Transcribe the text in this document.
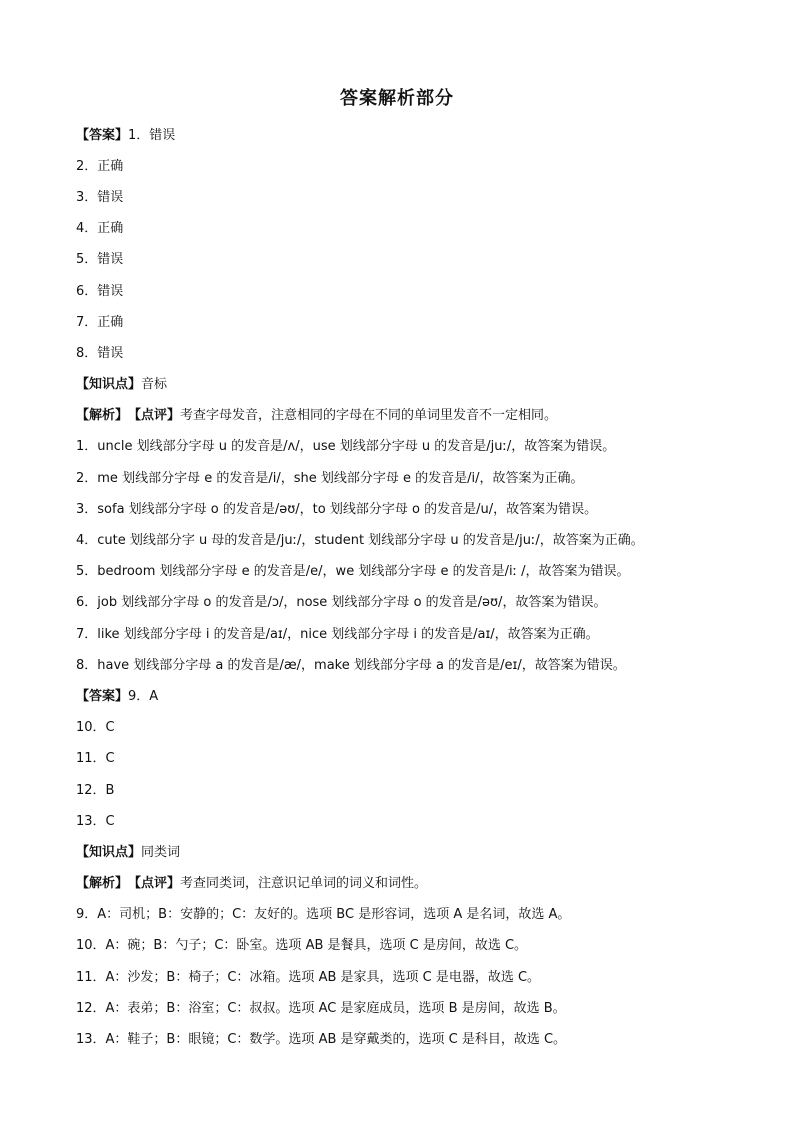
答案解析部分
【答案】 1．错误
2．正确
3．错误
4．正确
5．错误
6．错误
7．正确
8．错误
【知识点】 音标
【解析】 【点评】 考查字母发音，注意相同的字母在不同的单词里发音不一定相同。
1．uncle 划线部分字母 u 的发音是/ʌ/，use 划线部分字母 u 的发音是/juː/，故答案为错误。
2．me 划线部分字母 e 的发音是/i/，she 划线部分字母 e 的发音是/i/，故答案为正确。
3．sofa 划线部分字母 o 的发音是/əʊ/，to 划线部分字母 o 的发音是/u/，故答案为错误。
4．cute 划线部分字 u 母的发音是/juː/，student 划线部分字母 u 的发音是/juː/，故答案为正确。
5．bedroom 划线部分字母 e 的发音是/e/，we 划线部分字母 e 的发音是/iː /，故答案为错误。
6．job 划线部分字母 o 的发音是/ɔ/，nose 划线部分字母 o 的发音是/əʊ/，故答案为错误。
7．like 划线部分字母 i 的发音是/aɪ/，nice 划线部分字母 i 的发音是/aɪ/，故答案为正确。
8．have 划线部分字母 a 的发音是/æ/，make 划线部分字母 a 的发音是/eɪ/，故答案为错误。
【答案】 9．A
10．C
11．C
12．B
13．C
【知识点】 同类词
【解析】 【点评】 考查同类词，注意识记单词的词义和词性。
9．A：司机；B：安静的；C：友好的。选项 BC 是形容词，选项 A 是名词，故选 A。
10．A：碗；B：勺子；C：卧室。选项 AB 是餐具，选项 C 是房间，故选 C。
11．A：沙发；B：椅子；C：冰箱。选项 AB 是家具，选项 C 是电器，故选 C。
12．A：表弟；B：浴室；C：叔叔。选项 AC 是家庭成员，选项 B 是房间，故选 B。
13．A：鞋子；B：眼镜；C：数学。选项 AB 是穿戴类的，选项 C 是科目，故选 C。
